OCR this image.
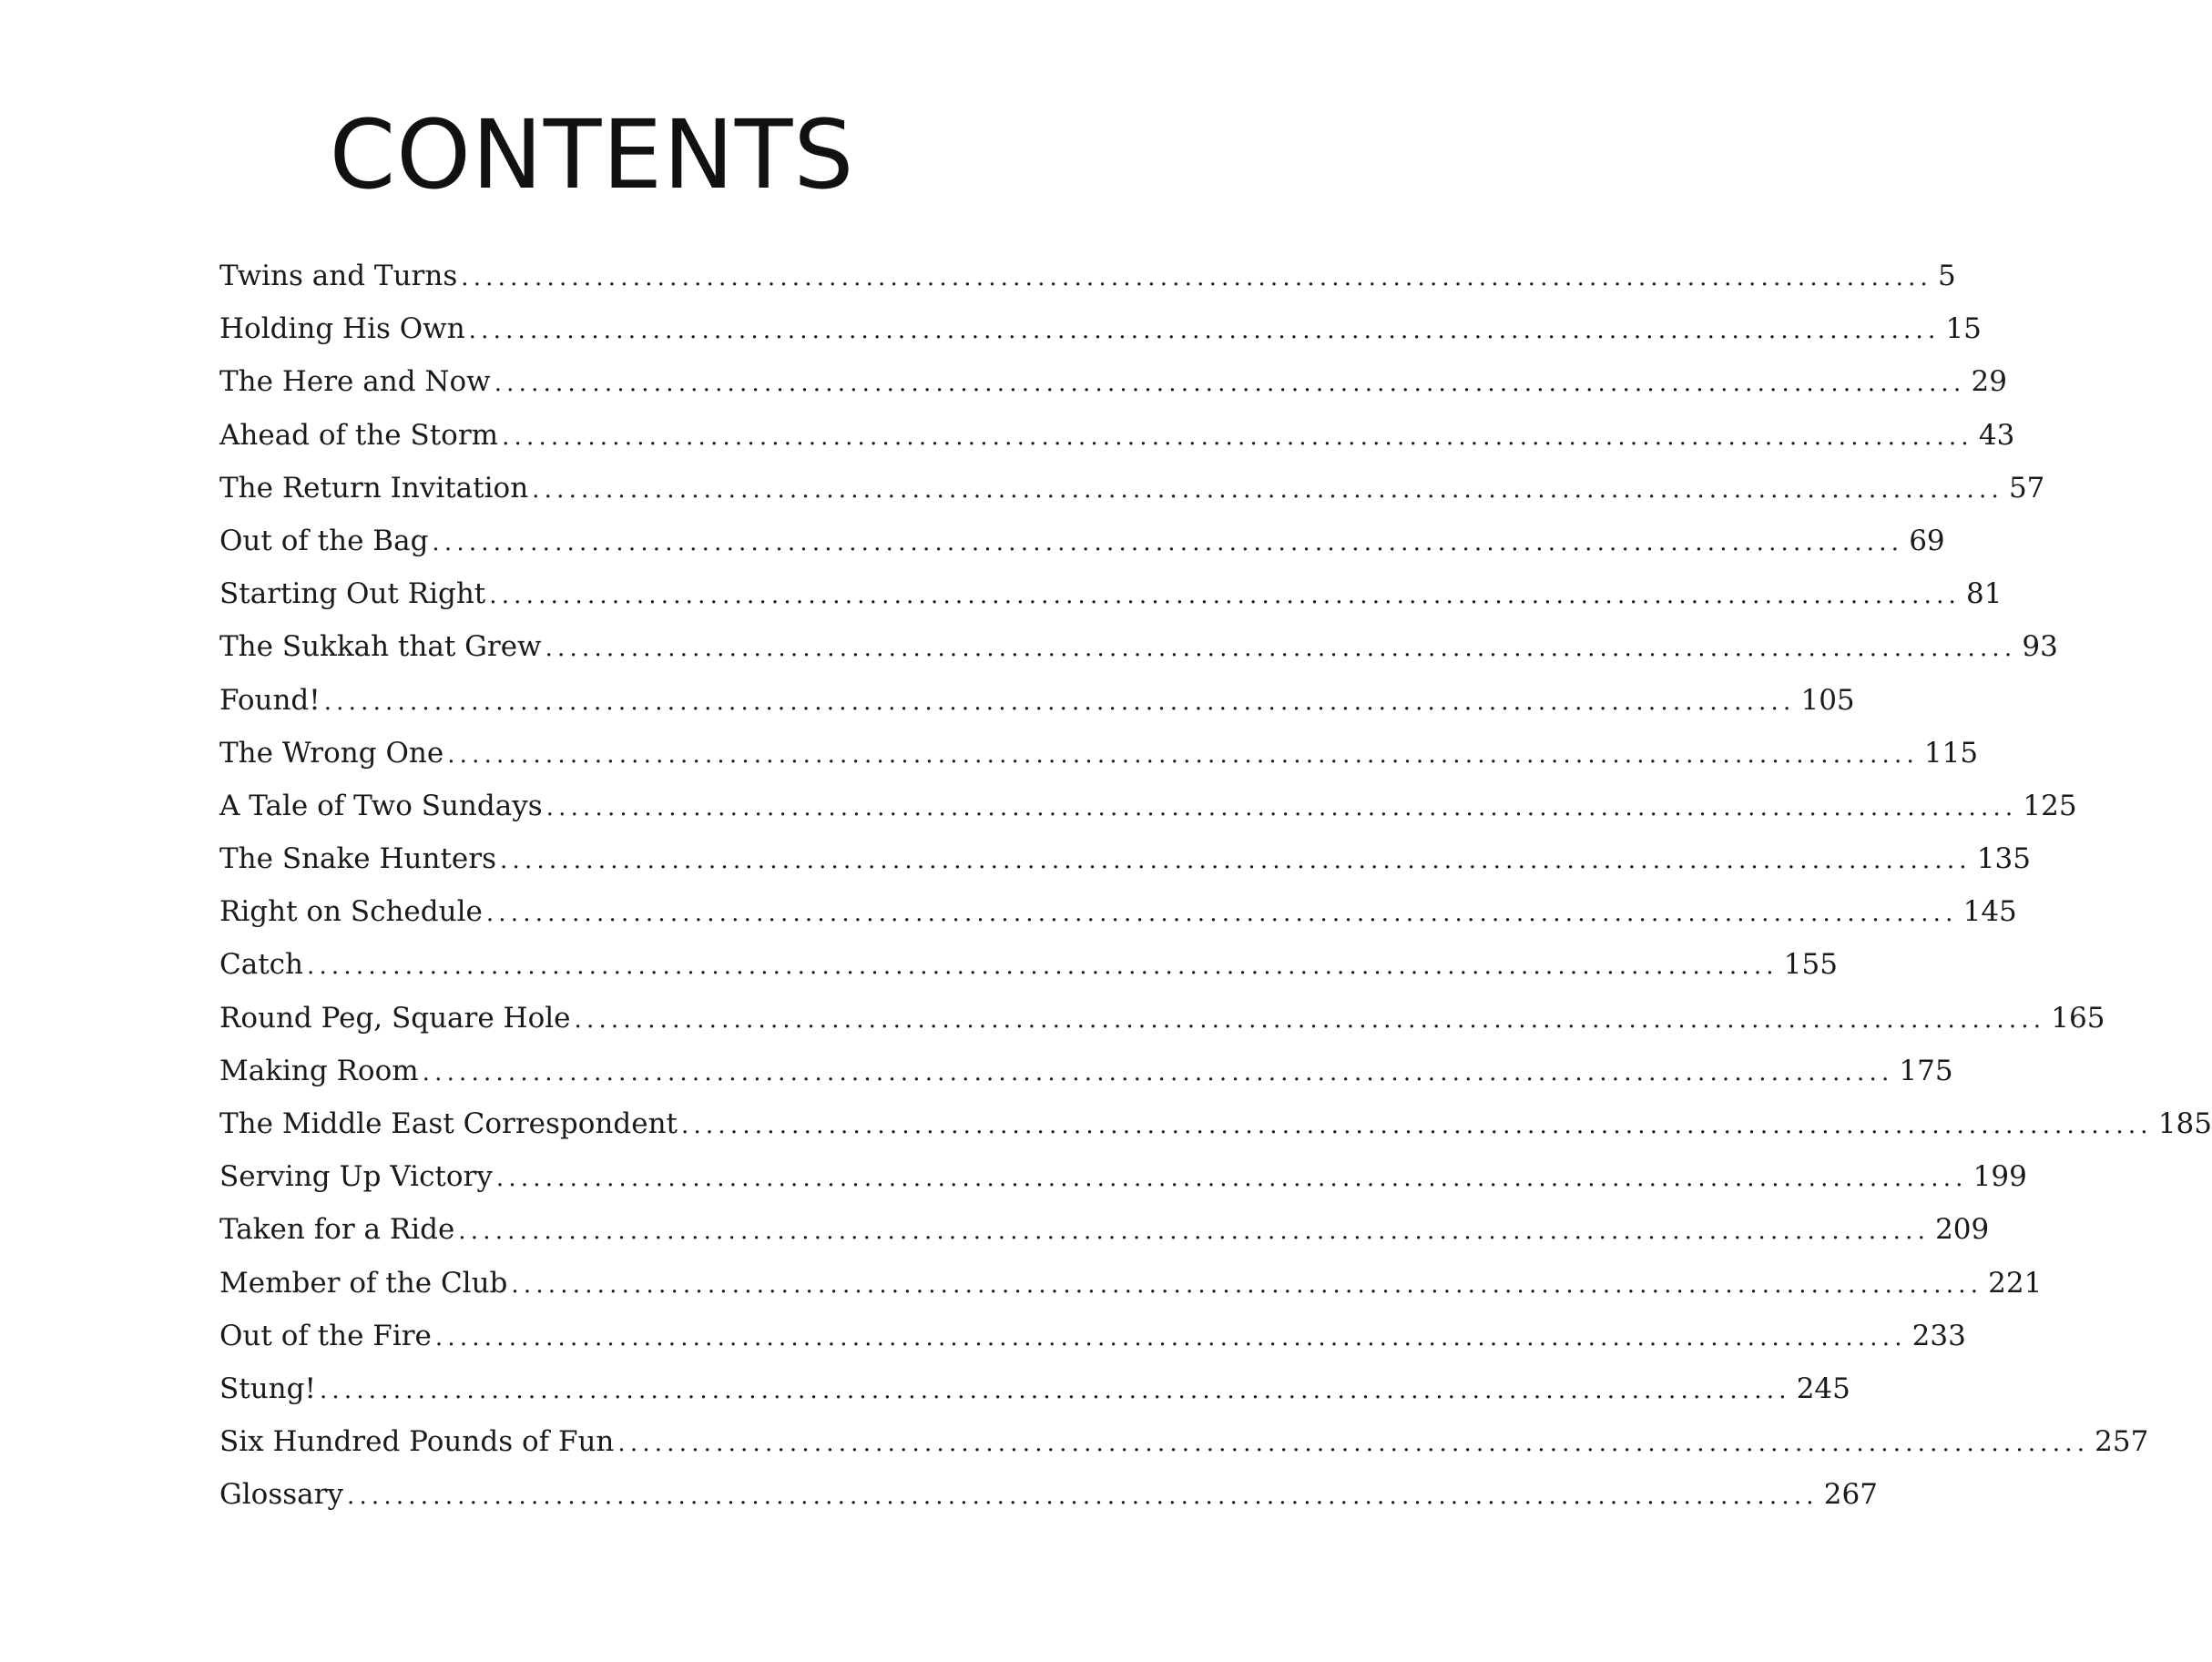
CONTENTS
Twins and Turns ........................................................................................................................ 5
Holding His Own ........................................................................................................................ 15
The Here and Now ........................................................................................................................ 29
Ahead of the Storm ........................................................................................................................ 43
The Return Invitation ........................................................................................................................ 57
Out of the Bag ........................................................................................................................ 69
Starting Out Right ........................................................................................................................ 81
The Sukkah that Grew ........................................................................................................................ 93
Found! ........................................................................................................................ 105
The Wrong One ........................................................................................................................ 115
A Tale of Two Sundays ........................................................................................................................ 125
The Snake Hunters ........................................................................................................................ 135
Right on Schedule ........................................................................................................................ 145
Catch ........................................................................................................................ 155
Round Peg, Square Hole ........................................................................................................................ 165
Making Room ........................................................................................................................ 175
The Middle East Correspondent ........................................................................................................................ 185
Serving Up Victory ........................................................................................................................ 199
Taken for a Ride ........................................................................................................................ 209
Member of the Club ........................................................................................................................ 221
Out of the Fire ........................................................................................................................ 233
Stung! ........................................................................................................................ 245
Six Hundred Pounds of Fun ........................................................................................................................ 257
Glossary ........................................................................................................................ 267
